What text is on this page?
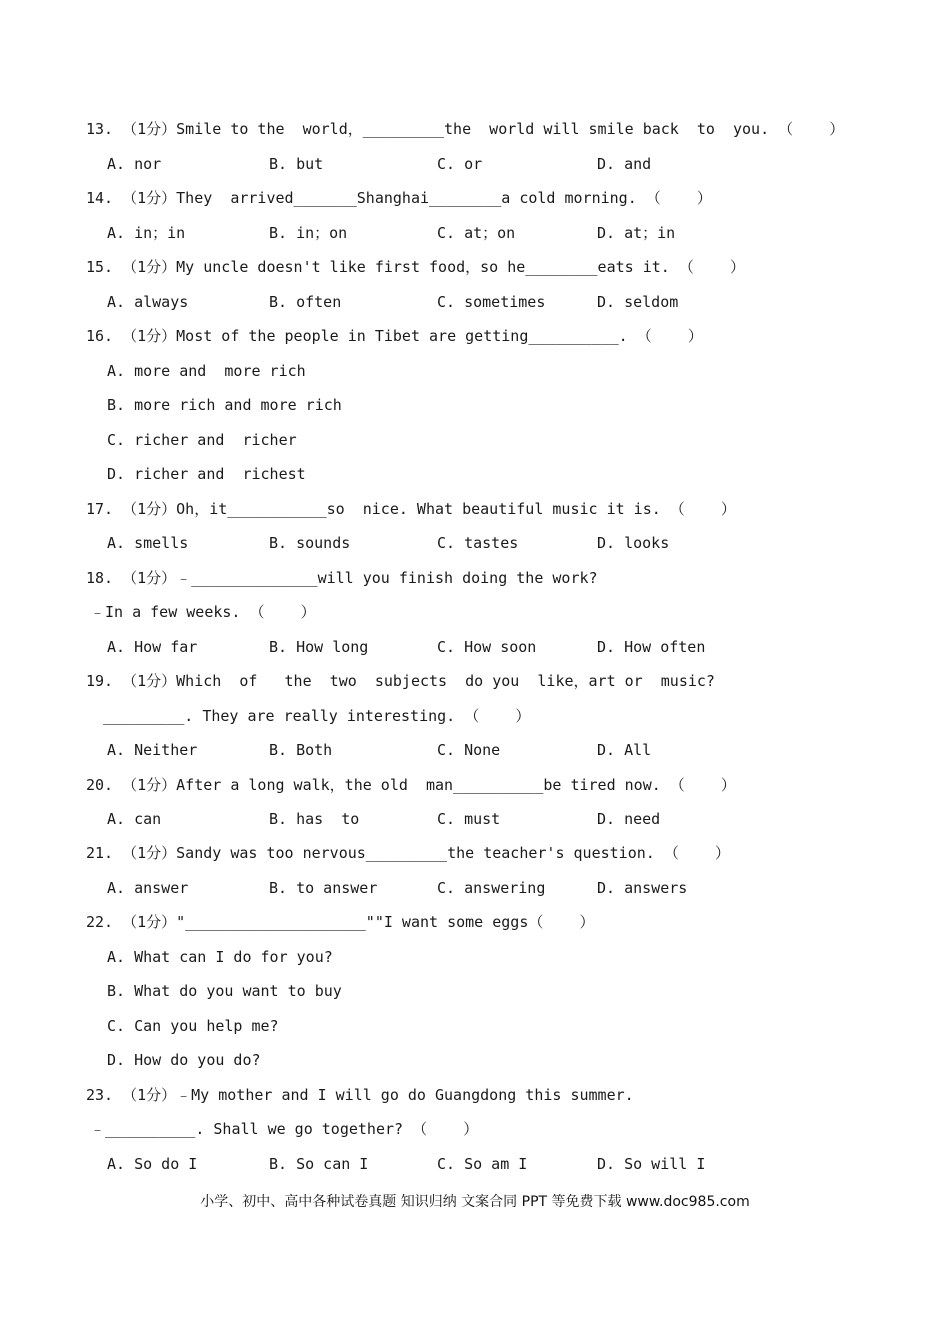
13. （1分）Smile to the  world，_________the  world will smile back  to  you. （    ）
A. nor	B. but	C. or	D. and
14. （1分）They  arrived_______Shanghai________a cold morning. （    ）
A. in；in	B. in；on	C. at；on	D. at；in
15. （1分）My uncle doesn't like first food，so he________eats it. （    ）
A. always	B. often	C. sometimes	D. seldom
16. （1分）Most of the people in Tibet are getting__________. （    ）
A. more and  more rich
B. more rich and more rich
C. richer and  richer
D. richer and  richest
17. （1分）Oh，it___________so  nice. What beautiful music it is. （    ）
A. smells	B. sounds	C. tastes	D. looks
18. （1分）﹣______________will you finish doing the work?
﹣In a few weeks. （    ）
A. How far	B. How long	C. How soon	D. How often
19. （1分）Which  of   the  two  subjects  do you  like，art or  music?
_________. They are really interesting. （    ）
A. Neither	B. Both	C. None	D. All
20. （1分）After a long walk，the old  man__________be tired now. （    ）
A. can	B. has  to	C. must	D. need
21. （1分）Sandy was too nervous_________the teacher's question. （    ）
A. answer	B. to answer	C. answering	D. answers
22. （1分）"____________________""I want some eggs（    ）
A. What can I do for you?
B. What do you want to buy
C. Can you help me?
D. How do you do?
23. （1分）﹣My mother and I will go do Guangdong this summer.
﹣__________. Shall we go together? （    ）
A. So do I	B. So can I	C. So am I	D. So will I
小学、初中、高中各种试卷真题 知识归纳 文案合同 PPT 等免费下载 www.doc985.com
